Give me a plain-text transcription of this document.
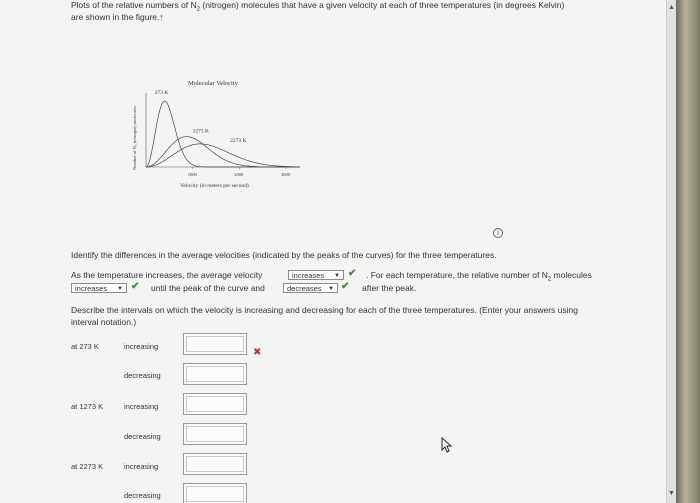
Plots of the relative numbers of $N_2$ (nitrogen) molecules that have a given velocity at each of three temperatures (in degrees Kelvin)
are shown in the figure.†
Molecular Velocity
Number of N₂ (nitrogen) molecules
273 K
1273 K
2273 K
1000	2000	3000
Velocity (in meters per second)
i
Identify the differences in the average velocities (indicated by the peaks of the curves) for the three temperatures.
As the temperature increases, the average velocity	increases ▼ ✔ . For each temperature, the relative number of $N_2$ molecules
increases ▼ ✔ until the peak of the curve and	decreases ▼ ✔ after the peak.
Describe the intervals on which the velocity is increasing and decreasing for each of the three temperatures. (Enter your answers using
interval notation.)
at 273 K	increasing
✖
decreasing
at 1273 K	increasing
decreasing
at 2273 K	increasing
decreasing
▲
▼
